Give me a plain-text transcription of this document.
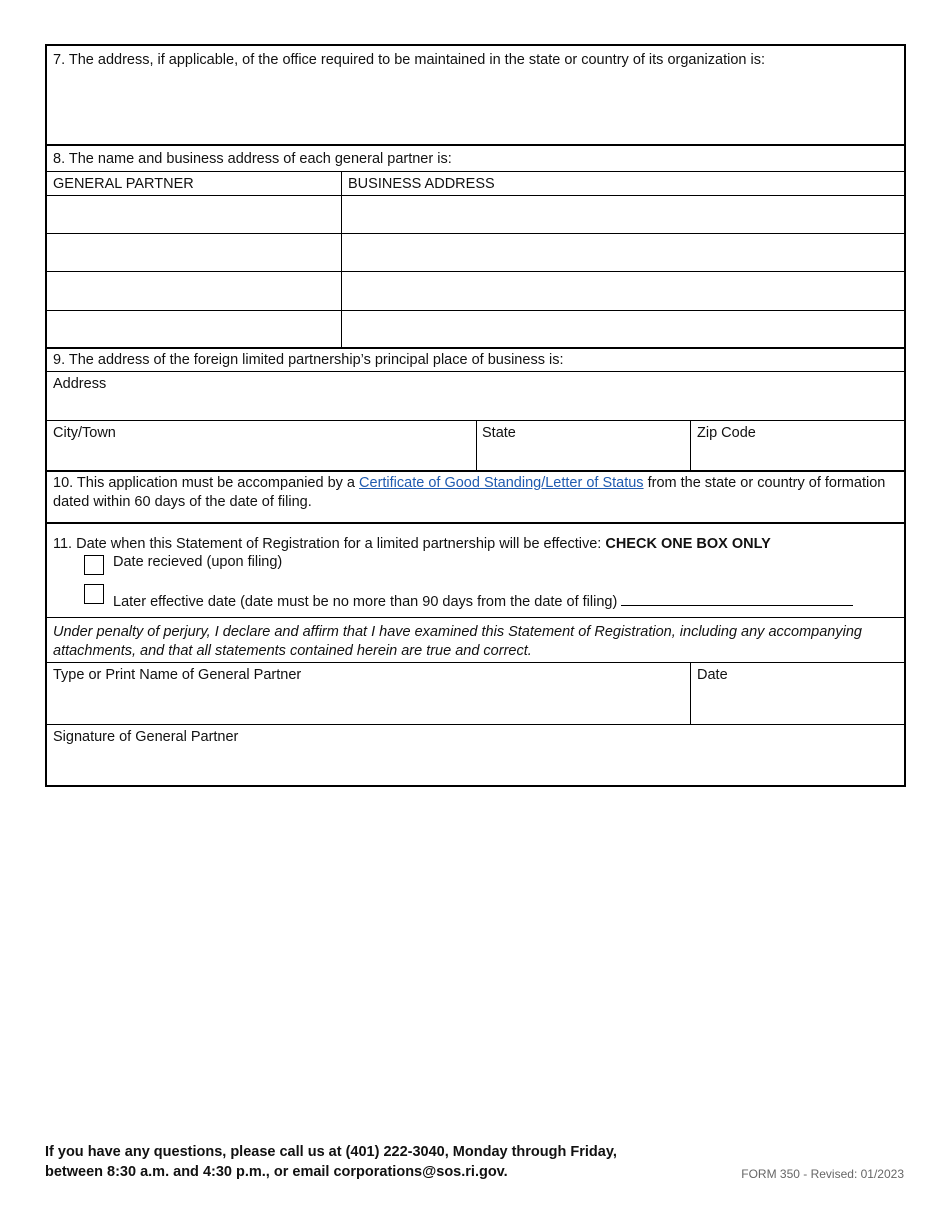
7. The address, if applicable, of the office required to be maintained in the state or country of its organization is:
8. The name and business address of each general partner is:
GENERAL PARTNER	BUSINESS ADDRESS
9. The address of the foreign limited partnership’s principal place of business is:
Address
City/Town	State	Zip Code
10. This application must be accompanied by a Certificate of Good Standing/Letter of Status from the state or country of formation dated within 60 days of the date of filing.
11. Date when this Statement of Registration for a limited partnership will be effective: CHECK ONE BOX ONLY
Date recieved (upon filing)
Later effective date (date must be no more than 90 days from the date of filing)
Under penalty of perjury, I declare and affirm that I have examined this Statement of Registration, including any accompanying attachments, and that all statements contained herein are true and correct.
Type or Print Name of General Partner	Date
Signature of General Partner
If you have any questions, please call us at (401) 222-3040, Monday through Friday,
between 8:30 a.m. and 4:30 p.m., or email corporations@sos.ri.gov.	FORM 350 - Revised: 01/2023
